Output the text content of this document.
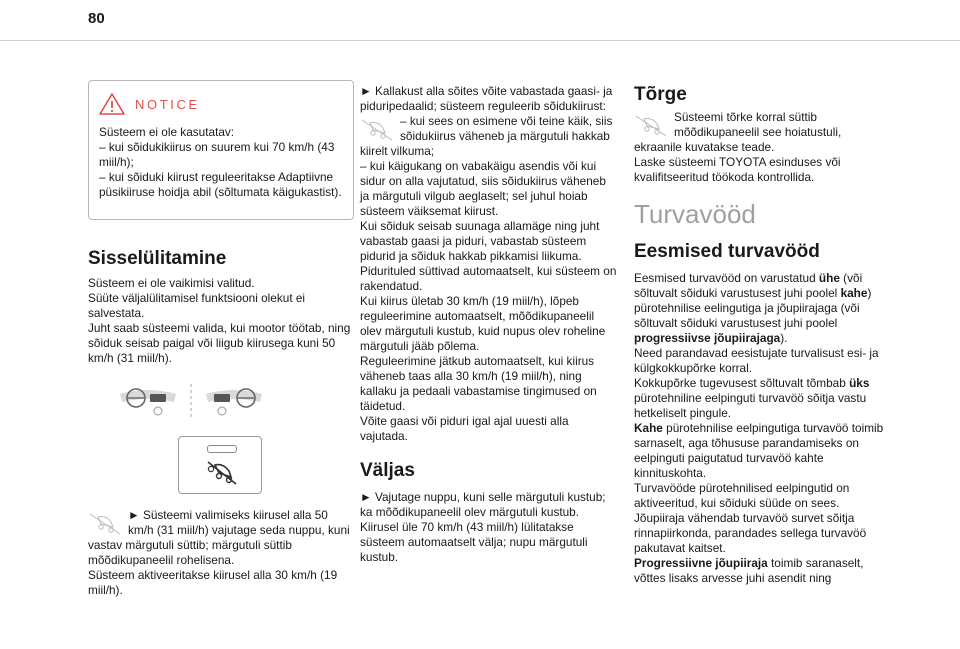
80
NOTICE

Süsteem ei ole kasutatav:

– kui sõidukikiirus on suurem kui 70 km/h (43 miil/h);

– kui sõiduki kiirust reguleeritakse Adaptiivne püsikiiruse hoidja abil (sõltumata käigukastist).

Sisselülitamine

Süsteem ei ole vaikimisi valitud.

Süüte väljalülitamisel funktsiooni olekut ei salvestata.

Juht saab süsteemi valida, kui mootor töötab, ning sõiduk seisab paigal või liigub kiirusega kuni 50 km/h (31 miil/h).

► Süsteemi valimiseks kiirusel alla 50 km/h (31 miil/h) vajutage seda nuppu, kuni vastav märgutuli süttib; märgutuli süttib mõõdikupaneelil rohelisena.

Süsteem aktiveeritakse kiirusel alla 30 km/h (19 miil/h).

► Kallakust alla sõites võite vabastada gaasi- ja piduripedaalid; süsteem reguleerib sõidukiirust:

– kui sees on esimene või teine käik, siis sõidukiirus väheneb ja märgutuli hakkab kiirelt vilkuma;

– kui käigukang on vabakäigu asendis või kui sidur on alla vajutatud, siis sõidukiirus väheneb ja märgutuli vilgub aeglaselt; sel juhul hoiab süsteem väiksemat kiirust.

Kui sõiduk seisab suunaga allamäge ning juht vabastab gaasi ja piduri, vabastab süsteem pidurid ja sõiduk hakkab pikkamisi liikuma.

Pidurituled süttivad automaatselt, kui süsteem on rakendatud.

Kui kiirus ületab 30 km/h (19 miil/h), lõpeb reguleerimine automaatselt, mõõdikupaneelil olev märgutuli kustub, kuid nupus olev roheline märgutuli jääb põlema.

Reguleerimine jätkub automaatselt, kui kiirus väheneb taas alla 30 km/h (19 miil/h), ning kallaku ja pedaali vabastamise tingimused on täidetud.

Võite gaasi või piduri igal ajal uuesti alla vajutada.

Väljas

► Vajutage nuppu, kuni selle märgutuli kustub; ka mõõdikupaneelil olev märgutuli kustub.

Kiirusel üle 70 km/h (43 miil/h) lülitatakse süsteem automaatselt välja; nupu märgutuli kustub.

Tõrge

Süsteemi tõrke korral süttib mõõdikupaneelil see hoiatustuli, ekraanile kuvatakse teade.

Laske süsteemi TOYOTA esinduses või kvalifitseeritud töökoda kontrollida.

Turvavööd
Eesmised turvavööd

Eesmised turvavööd on varustatud ühe (või sõltuvalt sõiduki varustusest juhi poolel kahe) pürotehnilise eelingutiga ja jõupiirajaga (või sõltuvalt sõiduki varustusest juhi poolel progressiivse jõupiirajaga).

Need parandavad eesistujate turvalisust esi- ja külgkokkupõrke korral.

Kokkupõrke tugevusest sõltuvalt tõmbab üks pürotehniline eelpinguti turvavöö sõitja vastu hetkeliselt pingule.

Kahe pürotehnilise eelpingutiga turvavöö toimib sarnaselt, aga tõhususe parandamiseks on eelpinguti paigutatud turvavöö kahte kinnituskohta.

Turvavööde pürotehnilised eelpingutid on aktiveeritud, kui sõiduki süüde on sees.

Jõupiiraja vähendab turvavöö survet sõitja rinnapiirkonda, parandades sellega turvavöö pakutavat kaitset.

Progressiivne jõupiiraja toimib saranaselt, võttes lisaks arvesse juhi asendit ning
